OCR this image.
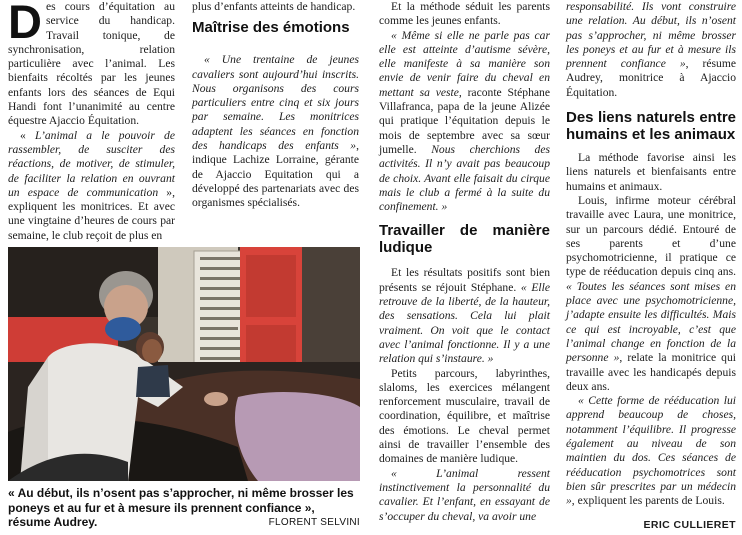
Des cours d’équitation au service du handicap. Travail tonique, de synchronisation, relation particulière avec l’animal. Les bienfaits récoltés par les jeunes enfants lors des séances de Equi Handi font l’unanimité au centre équestre Ajaccio Équitation.

« L’animal a le pouvoir de rassembler, de susciter des réactions, de motiver, de stimuler, de faciliter la relation en ouvrant un espace de communication », expliquent les monitrices. Et avec une vingtaine d’heures de cours par semaine, le club reçoit de plus en

plus d’enfants atteints de handicap.

Maîtrise des émotions

« Une trentaine de jeunes cavaliers sont aujourd’hui inscrits. Nous organisons des cours particuliers entre cinq et six jours par semaine. Les monitrices adaptent les séances en fonction des handicaps des enfants », indique Lachize Lorraine, gérante de Ajaccio Equitation qui a développé des partenariats avec des organismes spécialisés.

Et la méthode séduit les parents comme les jeunes enfants.

« Même si elle ne parle pas car elle est atteinte d’autisme sévère, elle manifeste à sa manière son envie de venir faire du cheval en mettant sa veste, raconte Stéphane Villafranca, papa de la jeune Alizée qui pratique l’équitation depuis le mois de septembre avec sa sœur jumelle. Nous cherchions des activités. Il n’y avait pas beaucoup de choix. Avant elle faisait du cirque mais le club a fermé à la suite du confinement. »

Travailler de manière ludique

Et les résultats positifs sont bien présents se réjouit Stéphane. « Elle retrouve de la liberté, de la hauteur, des sensations. Cela lui plait vraiment. On voit que le contact avec l’animal fonctionne. Il y a une relation qui s’instaure. »

Petits parcours, labyrinthes, slaloms, les exercices mélangent renforcement musculaire, travail de coordination, équilibre, et maîtrise des émotions. Le cheval permet ainsi de travailler l’ensemble des domaines de manière ludique.

« L’animal ressent instinctivement la personnalité du cavalier. Et l’enfant, en essayant de s’occuper du cheval, va avoir une

responsabilité. Ils vont construire une relation. Au début, ils n’osent pas s’approcher, ni même brosser les poneys et au fur et à mesure ils prennent confiance », résume Audrey, monitrice à Ajaccio Équitation.

Des liens naturels entre humains et les animaux

La méthode favorise ainsi les liens naturels et bienfaisants entre humains et animaux.

Louis, infirme moteur cérébral travaille avec Laura, une monitrice, sur un parcours dédié. Entouré de ses parents et d’une psychomotricienne, il pratique ce type de rééducation depuis cinq ans. « Toutes les séances sont mises en place avec une psychomotricienne, j’adapte ensuite les difficultés. Mais ce qui est incroyable, c’est que l’animal change en fonction de la personne », relate la monitrice qui travaille avec les handicapés depuis deux ans.

« Cette forme de rééducation lui apprend beaucoup de choses, notamment l’équilibre. Il progresse également au niveau de son maintien du dos. Ces séances de rééducation psychomotrices sont bien sûr prescrites par un médecin », expliquent les parents de Louis.

« Au début, ils n’osent pas s’approcher, ni même brosser les poneys et au fur et à mesure ils prennent confiance », résume Audrey.	FLORENT SELVINI	ERIC CULLIERET
